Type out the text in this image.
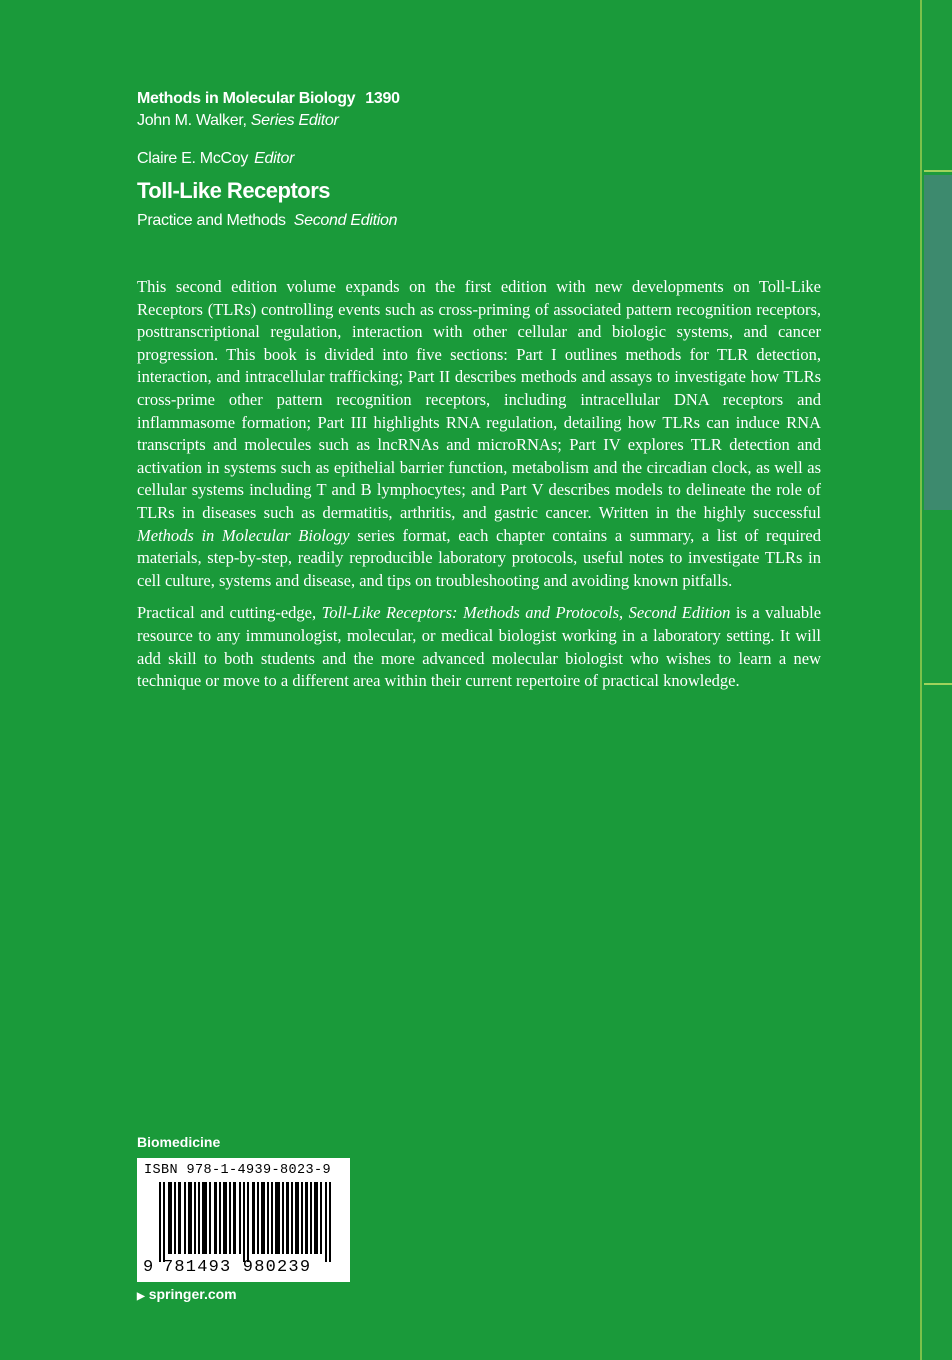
Methods in Molecular Biology 1390
John M. Walker, Series Editor
Claire E. McCoy Editor
Toll-Like Receptors
Practice and Methods Second Edition

This second edition volume expands on the first edition with new developments on Toll-Like Receptors (TLRs) controlling events such as cross-priming of associated pattern recognition receptors, posttranscriptional regulation, interaction with other cellular and biologic systems, and cancer progression. This book is divided into five sections: Part I outlines methods for TLR detection, interaction, and intracellular trafficking; Part II describes methods and assays to investigate how TLRs cross-prime other pattern recognition receptors, including intracellular DNA receptors and inflammasome formation; Part III highlights RNA regulation, detailing how TLRs can induce RNA transcripts and molecules such as lncRNAs and microRNAs; Part IV explores TLR detection and activation in systems such as epithelial barrier function, metabolism and the circadian clock, as well as cellular systems including T and B lymphocytes; and Part V describes models to delineate the role of TLRs in diseases such as dermatitis, arthritis, and gastric cancer. Written in the highly successful Methods in Molecular Biology series format, each chapter contains a summary, a list of required materials, step-by-step, readily reproducible laboratory protocols, useful notes to investigate TLRs in cell culture, systems and disease, and tips on troubleshooting and avoiding known pitfalls.

Practical and cutting-edge, Toll-Like Receptors: Methods and Protocols, Second Edition is a valuable resource to any immunologist, molecular, or medical biologist working in a laboratory setting. It will add skill to both students and the more advanced molecular biologist who wishes to learn a new technique or move to a different area within their current repertoire of practical knowledge.

Biomedicine
ISBN 978-1-4939-8023-9
9 781493 980239
▶ springer.com
